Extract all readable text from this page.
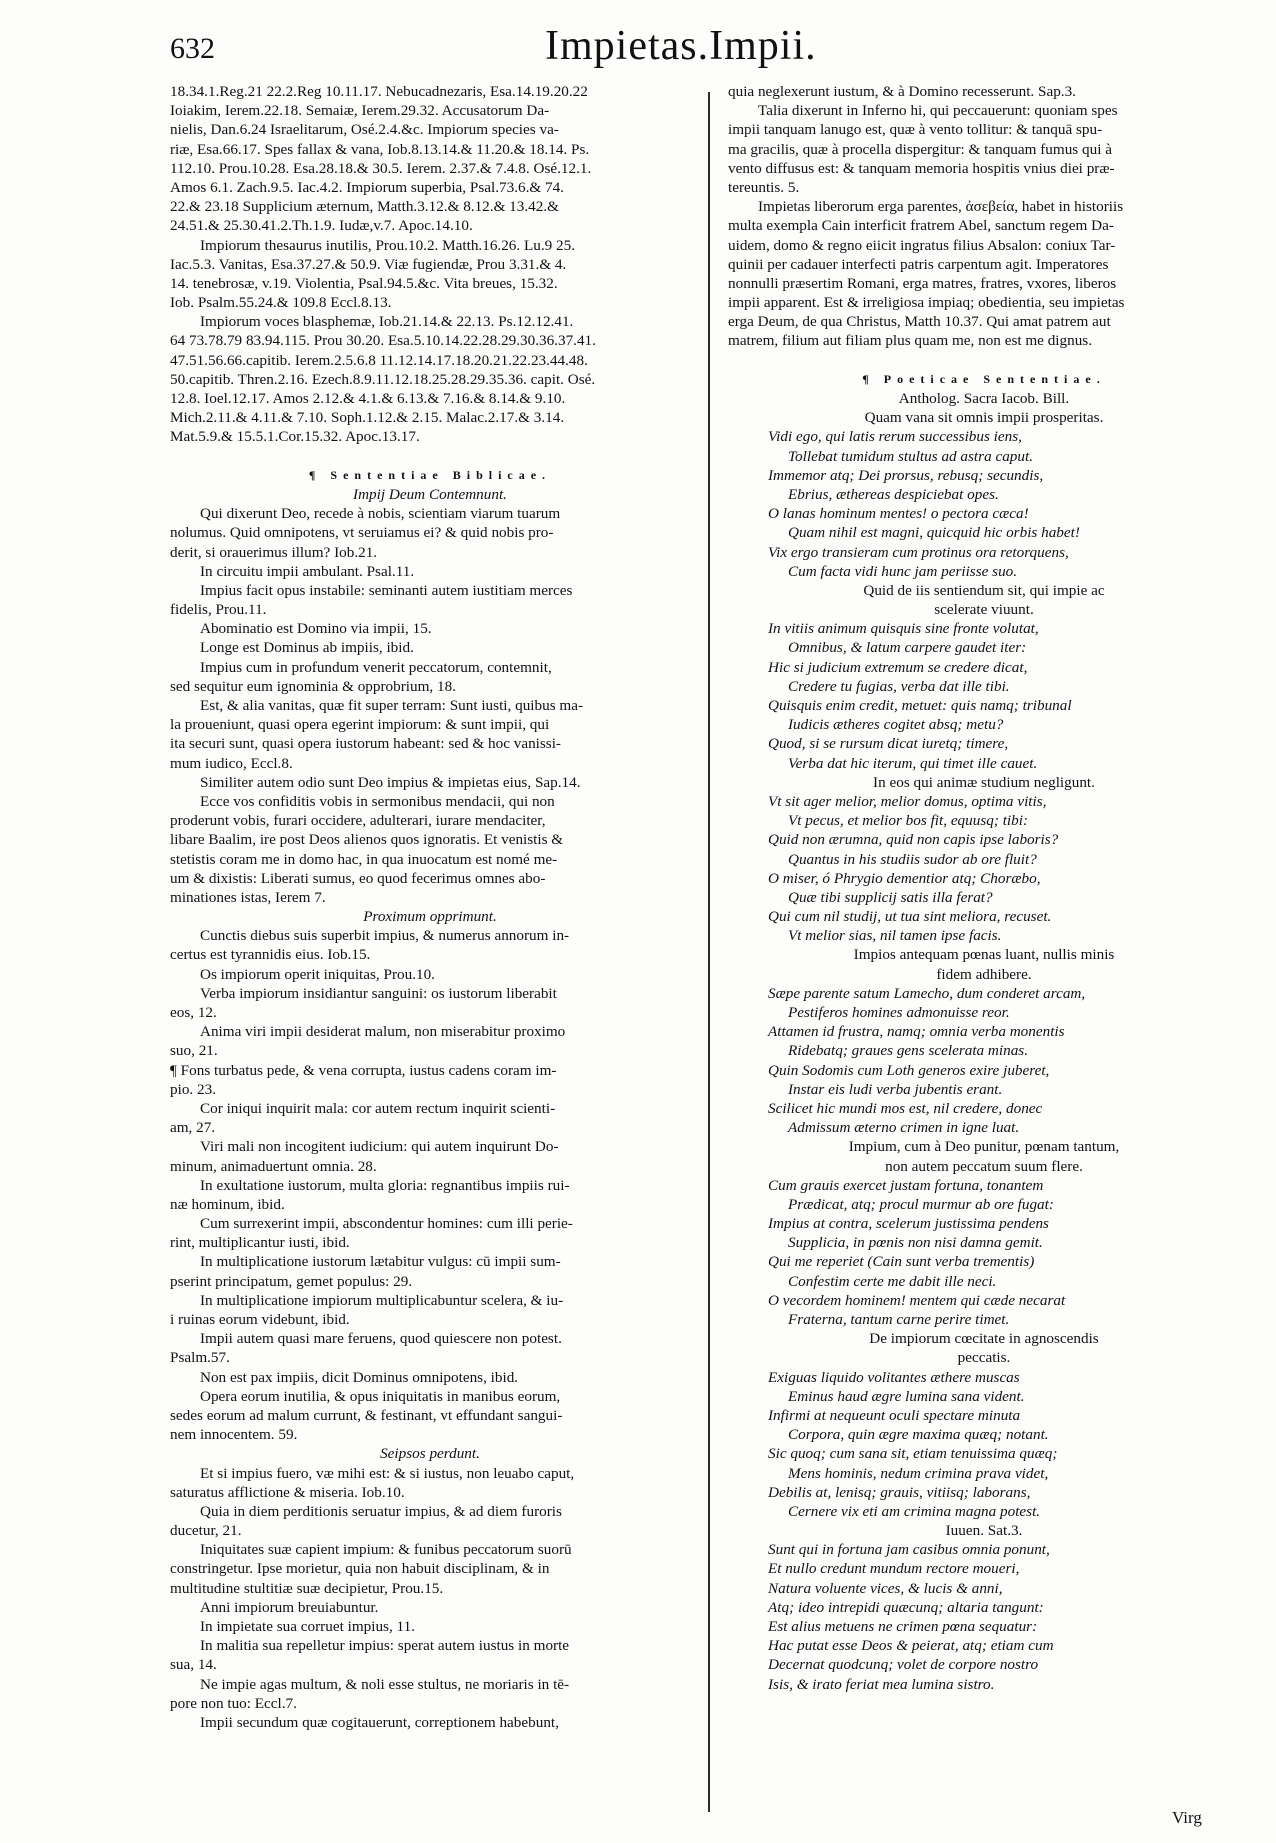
632	Impietas.Impii.
18.34.1.Reg.21 22.2.Reg 10.11.17. Nebucadnezaris, Esa.14.19.20.22
Ioiakim, Ierem.22.18. Semaiæ, Ierem.29.32. Accusatorum Da-
nielis, Dan.6.24 Israelitarum, Osé.2.4.&c. Impiorum species va-
riæ, Esa.66.17. Spes fallax & vana, Iob.8.13.14.& 11.20.& 18.14. Ps.
112.10. Prou.10.28. Esa.28.18.& 30.5. Ierem. 2.37.& 7.4.8. Osé.12.1.
Amos 6.1. Zach.9.5. Iac.4.2. Impiorum superbia, Psal.73.6.& 74.
22.& 23.18 Supplicium æternum, Matth.3.12.& 8.12.& 13.42.&
24.51.& 25.30.41.2.Th.1.9. Iudæ,v.7. Apoc.14.10.
Impiorum thesaurus inutilis, Prou.10.2. Matth.16.26. Lu.9 25.
Iac.5.3. Vanitas, Esa.37.27.& 50.9. Viæ fugiendæ, Prou 3.31.& 4.
14. tenebrosæ, v.19. Violentia, Psal.94.5.&c. Vita breues, 15.32.
Iob. Psalm.55.24.& 109.8 Eccl.8.13.
Impiorum voces blasphemæ, Iob.21.14.& 22.13. Ps.12.12.41.
64 73.78.79 83.94.115. Prou 30.20. Esa.5.10.14.22.28.29.30.36.37.41.
47.51.56.66.capitib. Ierem.2.5.6.8 11.12.14.17.18.20.21.22.23.44.48.
50.capitib. Thren.2.16. Ezech.8.9.11.12.18.25.28.29.35.36. capit. Osé.
12.8. Ioel.12.17. Amos 2.12.& 4.1.& 6.13.& 7.16.& 8.14.& 9.10.
Mich.2.11.& 4.11.& 7.10. Soph.1.12.& 2.15. Malac.2.17.& 3.14.
Mat.5.9.& 15.5.1.Cor.15.32. Apoc.13.17.
¶ Sententiae Biblicae.
Impij Deum Contemnunt.
Qui dixerunt Deo, recede à nobis, scientiam viarum tuarum
nolumus. Quid omnipotens, vt seruiamus ei? & quid nobis pro-
derit, si orauerimus illum? Iob.21.
In circuitu impii ambulant. Psal.11.
Impius facit opus instabile: seminanti autem iustitiam merces
fidelis, Prou.11.
Abominatio est Domino via impii, 15.
Longe est Dominus ab impiis, ibid.
Impius cum in profundum venerit peccatorum, contemnit,
sed sequitur eum ignominia & opprobrium, 18.
Est, & alia vanitas, quæ fit super terram: Sunt iusti, quibus ma-
la proueniunt, quasi opera egerint impiorum: & sunt impii, qui
ita securi sunt, quasi opera iustorum habeant: sed & hoc vanissi-
mum iudico, Eccl.8.
Similiter autem odio sunt Deo impius & impietas eius, Sap.14.
Ecce vos confiditis vobis in sermonibus mendacii, qui non
proderunt vobis, furari occidere, adulterari, iurare mendaciter,
libare Baalim, ire post Deos alienos quos ignoratis. Et venistis &
stetistis coram me in domo hac, in qua inuocatum est nomé me-
um & dixistis: Liberati sumus, eo quod fecerimus omnes abo-
minationes istas, Ierem 7.
Proximum opprimunt.
Cunctis diebus suis superbit impius, & numerus annorum in-
certus est tyrannidis eius. Iob.15.
Os impiorum operit iniquitas, Prou.10.
Verba impiorum insidiantur sanguini: os iustorum liberabit
eos, 12.
Anima viri impii desiderat malum, non miserabitur proximo
suo, 21.
¶ Fons turbatus pede, & vena corrupta, iustus cadens coram im-
pio. 23.
Cor iniqui inquirit mala: cor autem rectum inquirit scienti-
am, 27.
Viri mali non incogitent iudicium: qui autem inquirunt Do-
minum, animaduertunt omnia. 28.
In exultatione iustorum, multa gloria: regnantibus impiis rui-
næ hominum, ibid.
Cum surrexerint impii, abscondentur homines: cum illi perie-
rint, multiplicantur iusti, ibid.
In multiplicatione iustorum lætabitur vulgus: cū impii sum-
pserint principatum, gemet populus: 29.
In multiplicatione impiorum multiplicabuntur scelera, & iu-
i ruinas eorum videbunt, ibid.
Impii autem quasi mare feruens, quod quiescere non potest.
Psalm.57.
Non est pax impiis, dicit Dominus omnipotens, ibid.
Opera eorum inutilia, & opus iniquitatis in manibus eorum,
sedes eorum ad malum currunt, & festinant, vt effundant sangui-
nem innocentem. 59.
Seipsos perdunt.
Et si impius fuero, væ mihi est: & si iustus, non leuabo caput,
saturatus afflictione & miseria. Iob.10.
Quia in diem perditionis seruatur impius, & ad diem furoris
ducetur, 21.
Iniquitates suæ capient impium: & funibus peccatorum suorū
constringetur. Ipse morietur, quia non habuit disciplinam, & in
multitudine stultitiæ suæ decipietur, Prou.15.
Anni impiorum breuiabuntur.
In impietate sua corruet impius, 11.
In malitia sua repelletur impius: sperat autem iustus in morte
sua, 14.
Ne impie agas multum, & noli esse stultus, ne moriaris in tē-
pore non tuo: Eccl.7.
Impii secundum quæ cogitauerunt, correptionem habebunt,
quia neglexerunt iustum, & à Domino recesserunt. Sap.3.
Talia dixerunt in Inferno hi, qui peccauerunt: quoniam spes
impii tanquam lanugo est, quæ à vento tollitur: & tanquā spu-
ma gracilis, quæ à procella dispergitur: & tanquam fumus qui à
vento diffusus est: & tanquam memoria hospitis vnius diei præ-
tereuntis. 5.
Impietas liberorum erga parentes, ἀσεβεία, habet in historiis
multa exempla Cain interficit fratrem Abel, sanctum regem Da-
uidem, domo & regno eiicit ingratus filius Absalon: coniux Tar-
quinii per cadauer interfecti patris carpentum agit. Imperatores
nonnulli præsertim Romani, erga matres, fratres, vxores, liberos
impii apparent. Est & irreligiosa impiaq; obedientia, seu impietas
erga Deum, de qua Christus, Matth 10.37. Qui amat patrem aut
matrem, filium aut filiam plus quam me, non est me dignus.
¶ Poeticae Sententiae.
Antholog. Sacra Iacob. Bill.
Quam vana sit omnis impii prosperitas.
Vidi ego, qui latis rerum successibus iens,
Tollebat tumidum stultus ad astra caput.
Immemor atq; Dei prorsus, rebusq; secundis,
Ebrius, æthereas despiciebat opes.
O lanas hominum mentes! o pectora cæca!
Quam nihil est magni, quicquid hic orbis habet!
Vix ergo transieram cum protinus ora retorquens,
Cum facta vidi hunc jam periisse suo.
Quid de iis sentiendum sit, qui impie ac
scelerate viuunt.
In vitiis animum quisquis sine fronte volutat,
Omnibus, & latum carpere gaudet iter:
Hic si judicium extremum se credere dicat,
Credere tu fugias, verba dat ille tibi.
Quisquis enim credit, metuet: quis namq; tribunal
Iudicis ætheres cogitet absq; metu?
Quod, si se rursum dicat iuretq; timere,
Verba dat hic iterum, qui timet ille cauet.
In eos qui animæ studium negligunt.
Vt sit ager melior, melior domus, optima vitis,
Vt pecus, et melior bos fit, equusq; tibi:
Quid non ærumna, quid non capis ipse laboris?
Quantus in his studiis sudor ab ore fluit?
O miser, ó Phrygio dementior atq; Choræbo,
Quæ tibi supplicij satis illa ferat?
Qui cum nil studij, ut tua sint meliora, recuset.
Vt melior sias, nil tamen ipse facis.
Impios antequam pœnas luant, nullis minis
fidem adhibere.
Sæpe parente satum Lamecho, dum conderet arcam,
Pestiferos homines admonuisse reor.
Attamen id frustra, namq; omnia verba monentis
Ridebatq; graues gens scelerata minas.
Quin Sodomis cum Loth generos exire juberet,
Instar eis ludi verba jubentis erant.
Scilicet hic mundi mos est, nil credere, donec
Admissum æterno crimen in igne luat.
Impium, cum à Deo punitur, pœnam tantum,
non autem peccatum suum flere.
Cum grauis exercet justam fortuna, tonantem
Prædicat, atq; procul murmur ab ore fugat:
Impius at contra, scelerum justissima pendens
Supplicia, in pœnis non nisi damna gemit.
Qui me reperiet (Cain sunt verba trementis)
Confestim certe me dabit ille neci.
O vecordem hominem! mentem qui cæde necarat
Fraterna, tantum carne perire timet.
De impiorum cœcitate in agnoscendis
peccatis.
Exiguas liquido volitantes æthere muscas
Eminus haud ægre lumina sana vident.
Infirmi at nequeunt oculi spectare minuta
Corpora, quin ægre maxima quæq; notant.
Sic quoq; cum sana sit, etiam tenuissima quæq;
Mens hominis, nedum crimina prava videt,
Debilis at, lenisq; grauis, vitiisq; laborans,
Cernere vix eti am crimina magna potest.
Iuuen. Sat.3.
Sunt qui in fortuna jam casibus omnia ponunt,
Et nullo credunt mundum rectore moueri,
Natura voluente vices, & lucis & anni,
Atq; ideo intrepidi quæcunq; altaria tangunt:
Est alius metuens ne crimen pœna sequatur:
Hac putat esse Deos & peierat, atq; etiam cum
Decernat quodcunq; volet de corpore nostro
Isis, & irato feriat mea lumina sistro.
Virg
